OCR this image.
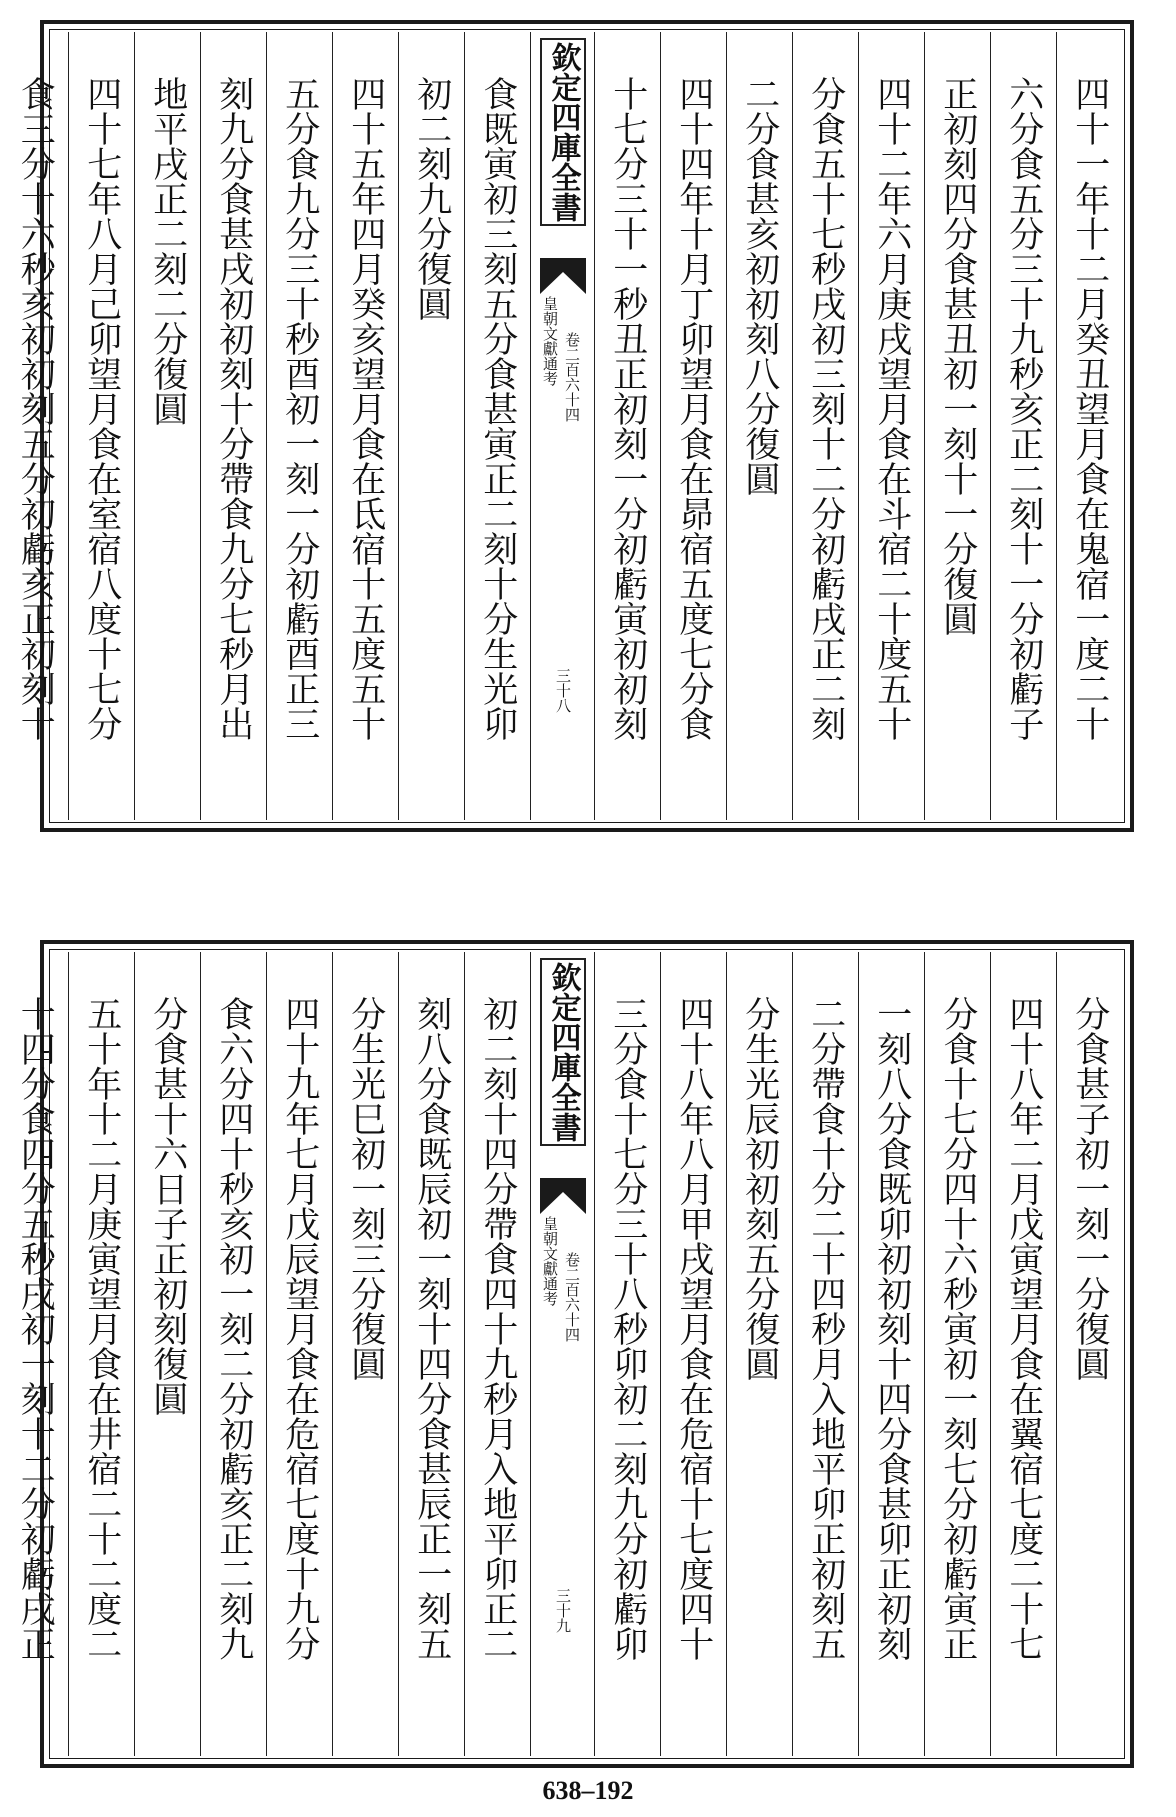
四十一年十二月癸丑望月食在鬼宿一度二十
六分食五分三十九秒亥正二刻十一分初虧子
正初刻四分食甚丑初一刻十一分復圓
四十二年六月庚戌望月食在斗宿二十度五十
分食五十七秒戌初三刻十二分初虧戌正二刻
二分食甚亥初初刻八分復圓
四十四年十月丁卯望月食在昴宿五度七分食
十七分三十一秒丑正初刻一分初虧寅初初刻
欽定四庫全書
皇朝文獻通考 卷二百六十四
三十八
食既寅初三刻五分食甚寅正二刻十分生光卯
初二刻九分復圓
四十五年四月癸亥望月食在氐宿十五度五十
五分食九分三十秒酉初一刻一分初虧酉正三
刻九分食甚戌初初刻十分帶食九分七秒月出
地平戌正二刻二分復圓
四十七年八月己卯望月食在室宿八度十七分
食三分十六秒亥初初刻五分初虧亥正初刻十
分食甚子初一刻一分復圓
四十八年二月戊寅望月食在翼宿七度二十七
分食十七分四十六秒寅初一刻七分初虧寅正
一刻八分食既卯初初刻十四分食甚卯正初刻
二分帶食十分二十四秒月入地平卯正初刻五
分生光辰初初刻五分復圓
四十八年八月甲戌望月食在危宿十七度四十
三分食十七分三十八秒卯初二刻九分初虧卯
欽定四庫全書
皇朝文獻通考 卷二百六十四
三十九
初二刻十四分帶食四十九秒月入地平卯正二
刻八分食既辰初一刻十四分食甚辰正一刻五
分生光巳初一刻三分復圓
四十九年七月戊辰望月食在危宿七度十九分
食六分四十秒亥初一刻二分初虧亥正二刻九
分食甚十六日子正初刻復圓
五十年十二月庚寅望月食在井宿二十二度二
十四分食四分五秒戌初一刻十二分初虧戌正
638–192
